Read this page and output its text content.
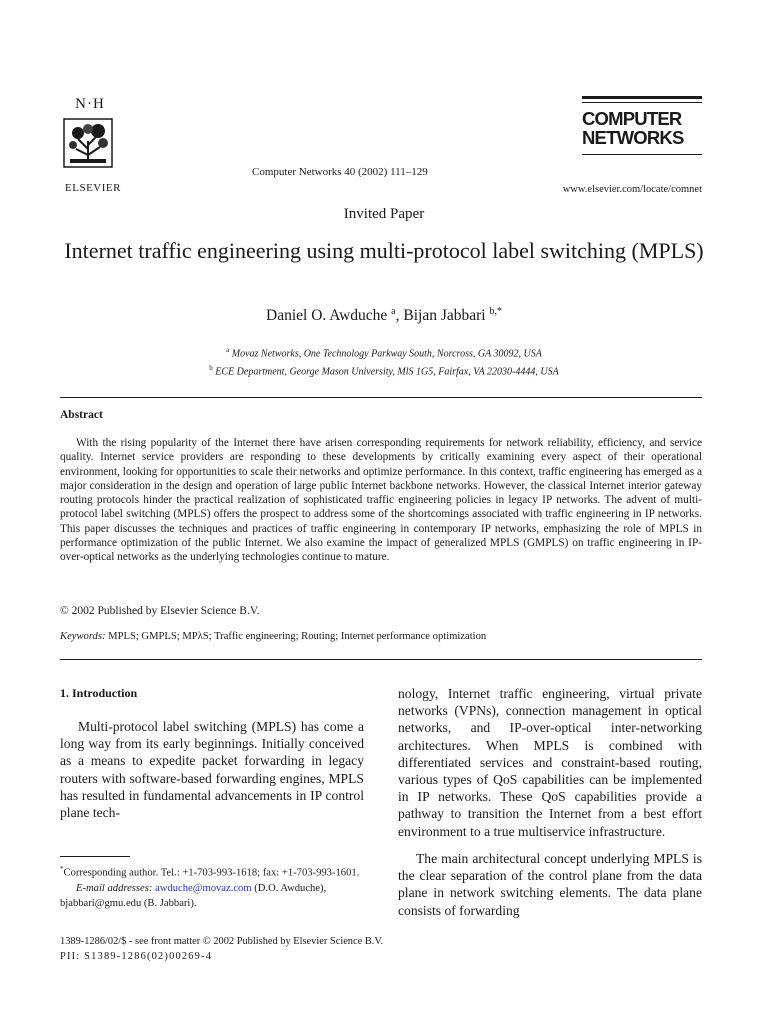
N·H
ELSEVIER
Computer Networks 40 (2002) 111–129
COMPUTER
NETWORKS
www.elsevier.com/locate/comnet
Invited Paper
Internet traffic engineering using multi-protocol label switching (MPLS)
Daniel O. Awduche $^a$, Bijan Jabbari $^{b,*}$
$^a$ Movaz Networks, One Technology Parkway South, Norcross, GA 30092, USA
$^b$ ECE Department, George Mason University, MlS 1G5, Fairfax, VA 22030-4444, USA
Abstract
With the rising popularity of the Internet there have arisen corresponding requirements for network reliability, efficiency, and service quality. Internet service providers are responding to these developments by critically examining every aspect of their operational environment, looking for opportunities to scale their networks and optimize performance. In this context, traffic engineering has emerged as a major consideration in the design and operation of large public Internet backbone networks. However, the classical Internet interior gateway routing protocols hinder the practical realization of sophisticated traffic engineering policies in legacy IP networks. The advent of multi-protocol label switching (MPLS) offers the prospect to address some of the shortcomings associated with traffic engineering in IP networks. This paper discusses the techniques and practices of traffic engineering in contemporary IP networks, emphasizing the role of MPLS in performance optimization of the public Internet. We also examine the impact of generalized MPLS (GMPLS) on traffic engineering in IP-over-optical networks as the underlying technologies continue to mature.
© 2002 Published by Elsevier Science B.V.
Keywords: MPLS; GMPLS; MPλS; Traffic engineering; Routing; Internet performance optimization
1. Introduction
Multi-protocol label switching (MPLS) has come a long way from its early beginnings. Initially conceived as a means to expedite packet forwarding in legacy routers with software-based forwarding engines, MPLS has resulted in fundamental advancements in IP control plane tech-
nology, Internet traffic engineering, virtual private networks (VPNs), connection management in optical networks, and IP-over-optical inter-networking architectures. When MPLS is combined with differentiated services and constraint-based routing, various types of QoS capabilities can be implemented in IP networks. These QoS capabilities provide a pathway to transition the Internet from a best effort environment to a true multiservice infrastructure.
The main architectural concept underlying MPLS is the clear separation of the control plane from the data plane in network switching elements. The data plane consists of forwarding
*Corresponding author. Tel.: +1-703-993-1618; fax: +1-703-993-1601.
E-mail addresses: awduche@movaz.com (D.O. Awduche),
bjabbari@gmu.edu (B. Jabbari).
1389-1286/02/$ - see front matter © 2002 Published by Elsevier Science B.V.
PII: S1389-1286(02)00269-4
